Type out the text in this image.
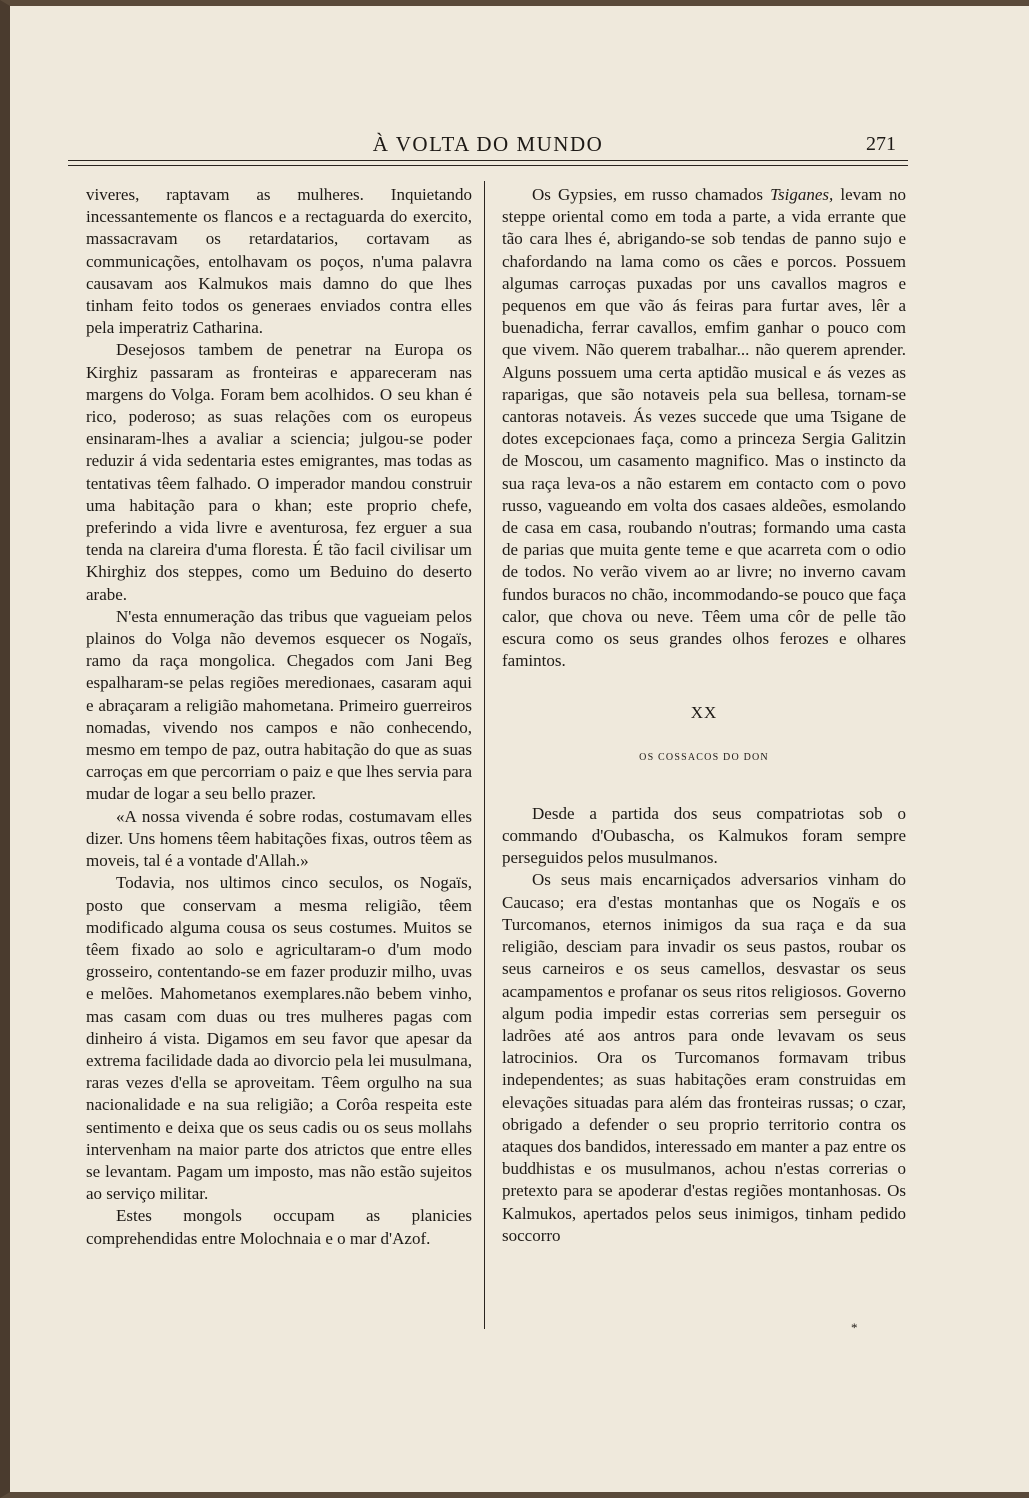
À VOLTA DO MUNDO	271

viveres, raptavam as mulheres. Inquietando incessantemente os flancos e a rectaguarda do exercito, massacravam os retardatarios, cortavam as communicações, entolhavam os poços, n'uma palavra causavam aos Kalmukos mais damno do que lhes tinham feito todos os generaes enviados contra elles pela imperatriz Catharina.

Desejosos tambem de penetrar na Europa os Kirghiz passaram as fronteiras e appareceram nas margens do Volga. Foram bem acolhidos. O seu khan é rico, poderoso; as suas relações com os europeus ensinaram-lhes a avaliar a sciencia; julgou-se poder reduzir á vida sedentaria estes emigrantes, mas todas as tentativas têem falhado. O imperador mandou construir uma habitação para o khan; este proprio chefe, preferindo a vida livre e aventurosa, fez erguer a sua tenda na clareira d'uma floresta. É tão facil civilisar um Khirghiz dos steppes, como um Beduino do deserto arabe.

N'esta ennumeração das tribus que vagueiam pelos plainos do Volga não devemos esquecer os Nogaïs, ramo da raça mongolica. Chegados com Jani Beg espalharam-se pelas regiões meredionaes, casaram aqui e abraçaram a religião mahometana. Primeiro guerreiros nomadas, vivendo nos campos e não conhecendo, mesmo em tempo de paz, outra habitação do que as suas carroças em que percorriam o paiz e que lhes servia para mudar de logar a seu bello prazer.

«A nossa vivenda é sobre rodas, costumavam elles dizer. Uns homens têem habitações fixas, outros têem as moveis, tal é a vontade d'Allah.»

Todavia, nos ultimos cinco seculos, os Nogaïs, posto que conservam a mesma religião, têem modificado alguma cousa os seus costumes. Muitos se têem fixado ao solo e agricultaram-o d'um modo grosseiro, contentando-se em fazer produzir milho, uvas e melões. Mahometanos exemplares.não bebem vinho, mas casam com duas ou tres mulheres pagas com dinheiro á vista. Digamos em seu favor que apesar da extrema facilidade dada ao divorcio pela lei musulmana, raras vezes d'ella se aproveitam. Têem orgulho na sua nacionalidade e na sua religião; a Corôa respeita este sentimento e deixa que os seus cadis ou os seus mollahs intervenham na maior parte dos atrictos que entre elles se levantam. Pagam um imposto, mas não estão sujeitos ao serviço militar.

Estes mongols occupam as planicies comprehendidas entre Molochnaia e o mar d'Azof.

Os Gypsies, em russo chamados Tsiganes, levam no steppe oriental como em toda a parte, a vida errante que tão cara lhes é, abrigando-se sob tendas de panno sujo e chafordando na lama como os cães e porcos. Possuem algumas carroças puxadas por uns cavallos magros e pequenos em que vão ás feiras para furtar aves, lêr a buenadicha, ferrar cavallos, emfim ganhar o pouco com que vivem. Não querem trabalhar... não querem aprender. Alguns possuem uma certa aptidão musical e ás vezes as raparigas, que são notaveis pela sua bellesa, tornam-se cantoras notaveis. Ás vezes succede que uma Tsigane de dotes excepcionaes faça, como a princeza Sergia Galitzin de Moscou, um casamento magnifico. Mas o instincto da sua raça leva-os a não estarem em contacto com o povo russo, vagueando em volta dos casaes aldeões, esmolando de casa em casa, roubando n'outras; formando uma casta de parias que muita gente teme e que acarreta com o odio de todos. No verão vivem ao ar livre; no inverno cavam fundos buracos no chão, incommodando-se pouco que faça calor, que chova ou neve. Têem uma côr de pelle tão escura como os seus grandes olhos ferozes e olhares famintos.

XX
OS COSSACOS DO DON

Desde a partida dos seus compatriotas sob o commando d'Oubascha, os Kalmukos foram sempre perseguidos pelos musulmanos.

Os seus mais encarniçados adversarios vinham do Caucaso; era d'estas montanhas que os Nogaïs e os Turcomanos, eternos inimigos da sua raça e da sua religião, desciam para invadir os seus pastos, roubar os seus carneiros e os seus camellos, desvastar os seus acampamentos e profanar os seus ritos religiosos. Governo algum podia impedir estas correrias sem perseguir os ladrões até aos antros para onde levavam os seus latrocinios. Ora os Turcomanos formavam tribus independentes; as suas habitações eram construidas em elevações situadas para além das fronteiras russas; o czar, obrigado a defender o seu proprio territorio contra os ataques dos bandidos, interessado em manter a paz entre os buddhistas e os musulmanos, achou n'estas correrias o pretexto para se apoderar d'estas regiões montanhosas. Os Kalmukos, apertados pelos seus inimigos, tinham pedido soccorro

*
